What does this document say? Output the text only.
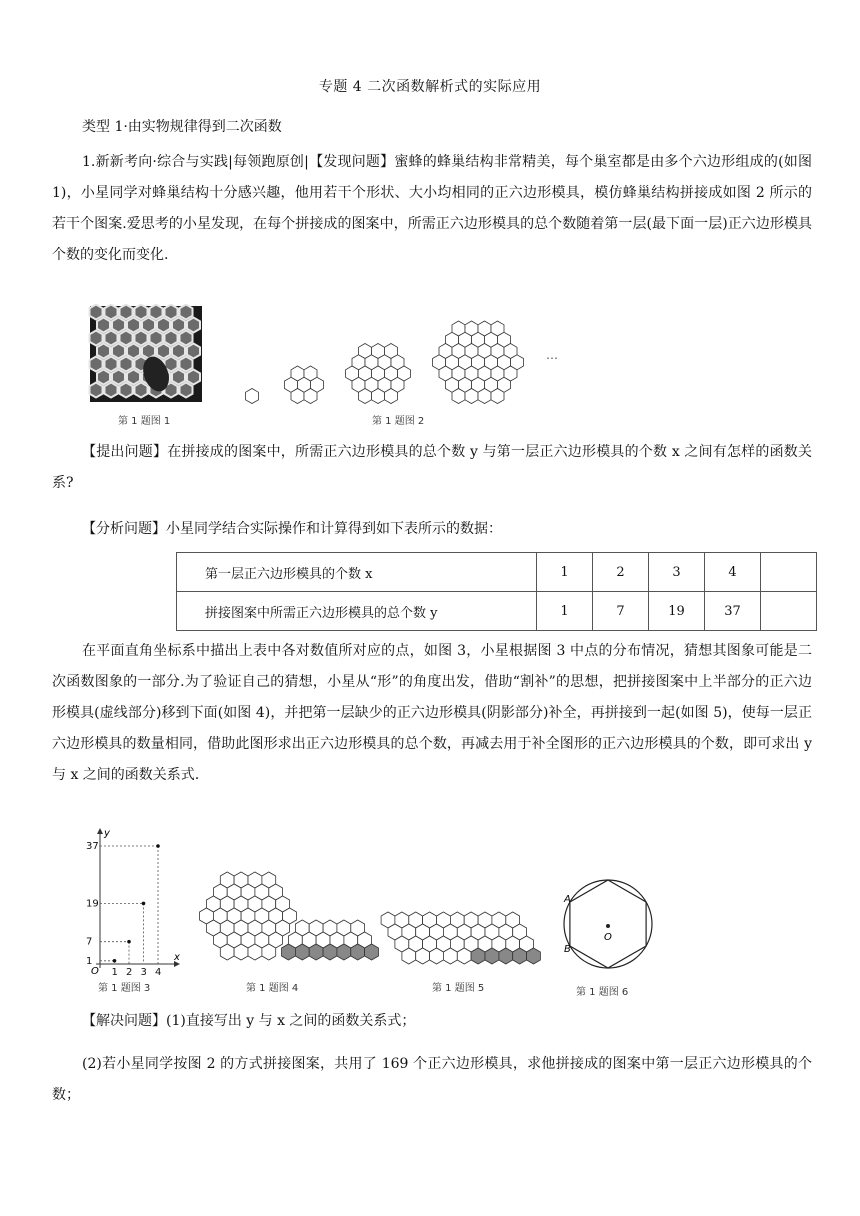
专题 4 二次函数解析式的实际应用
类型 1·由实物规律得到二次函数

1.新新考向·综合与实践|每领跑原创|【发现问题】蜜蜂的蜂巢结构非常精美，每个巢室都是由多个六边形组成的(如图 1)，小星同学对蜂巢结构十分感兴趣，他用若干个形状、大小均相同的正六边形模具，模仿蜂巢结构拼接成如图 2 所示的若干个图案.爱思考的小星发现，在每个拼接成的图案中，所需正六边形模具的总个数随着第一层(最下面一层)正六边形模具个数的变化而变化.

…
第 1 题图 1	第 1 题图 2

【提出问题】在拼接成的图案中，所需正六边形模具的总个数 y 与第一层正六边形模具的个数 x 之间有怎样的函数关系?

【分析问题】小星同学结合实际操作和计算得到如下表所示的数据：

第一层正六边形模具的个数 x	1	2	3	4	
拼接图案中所需正六边形模具的总个数 y	1	7	19	37	

在平面直角坐标系中描出上表中各对数值所对应的点，如图 3，小星根据图 3 中点的分布情况，猜想其图象可能是二次函数图象的一部分.为了验证自己的猜想，小星从“形”的角度出发，借助“割补”的思想，把拼接图案中上半部分的正六边形模具(虚线部分)移到下面(如图 4)，并把第一层缺少的正六边形模具(阴影部分)补全，再拼接到一起(如图 5)，使每一层正六边形模具的数量相同，借助此图形求出正六边形模具的总个数，再减去用于补全图形的正六边形模具的个数，即可求出 y 与 x 之间的函数关系式.

y
x
O
37
19
7
1
1 2 3 4
A
B
O
第 1 题图 3	第 1 题图 4	第 1 题图 5	第 1 题图 6

【解决问题】(1)直接写出 y 与 x 之间的函数关系式；

(2)若小星同学按图 2 的方式拼接图案，共用了 169 个正六边形模具，求他拼接成的图案中第一层正六边形模具的个数；
